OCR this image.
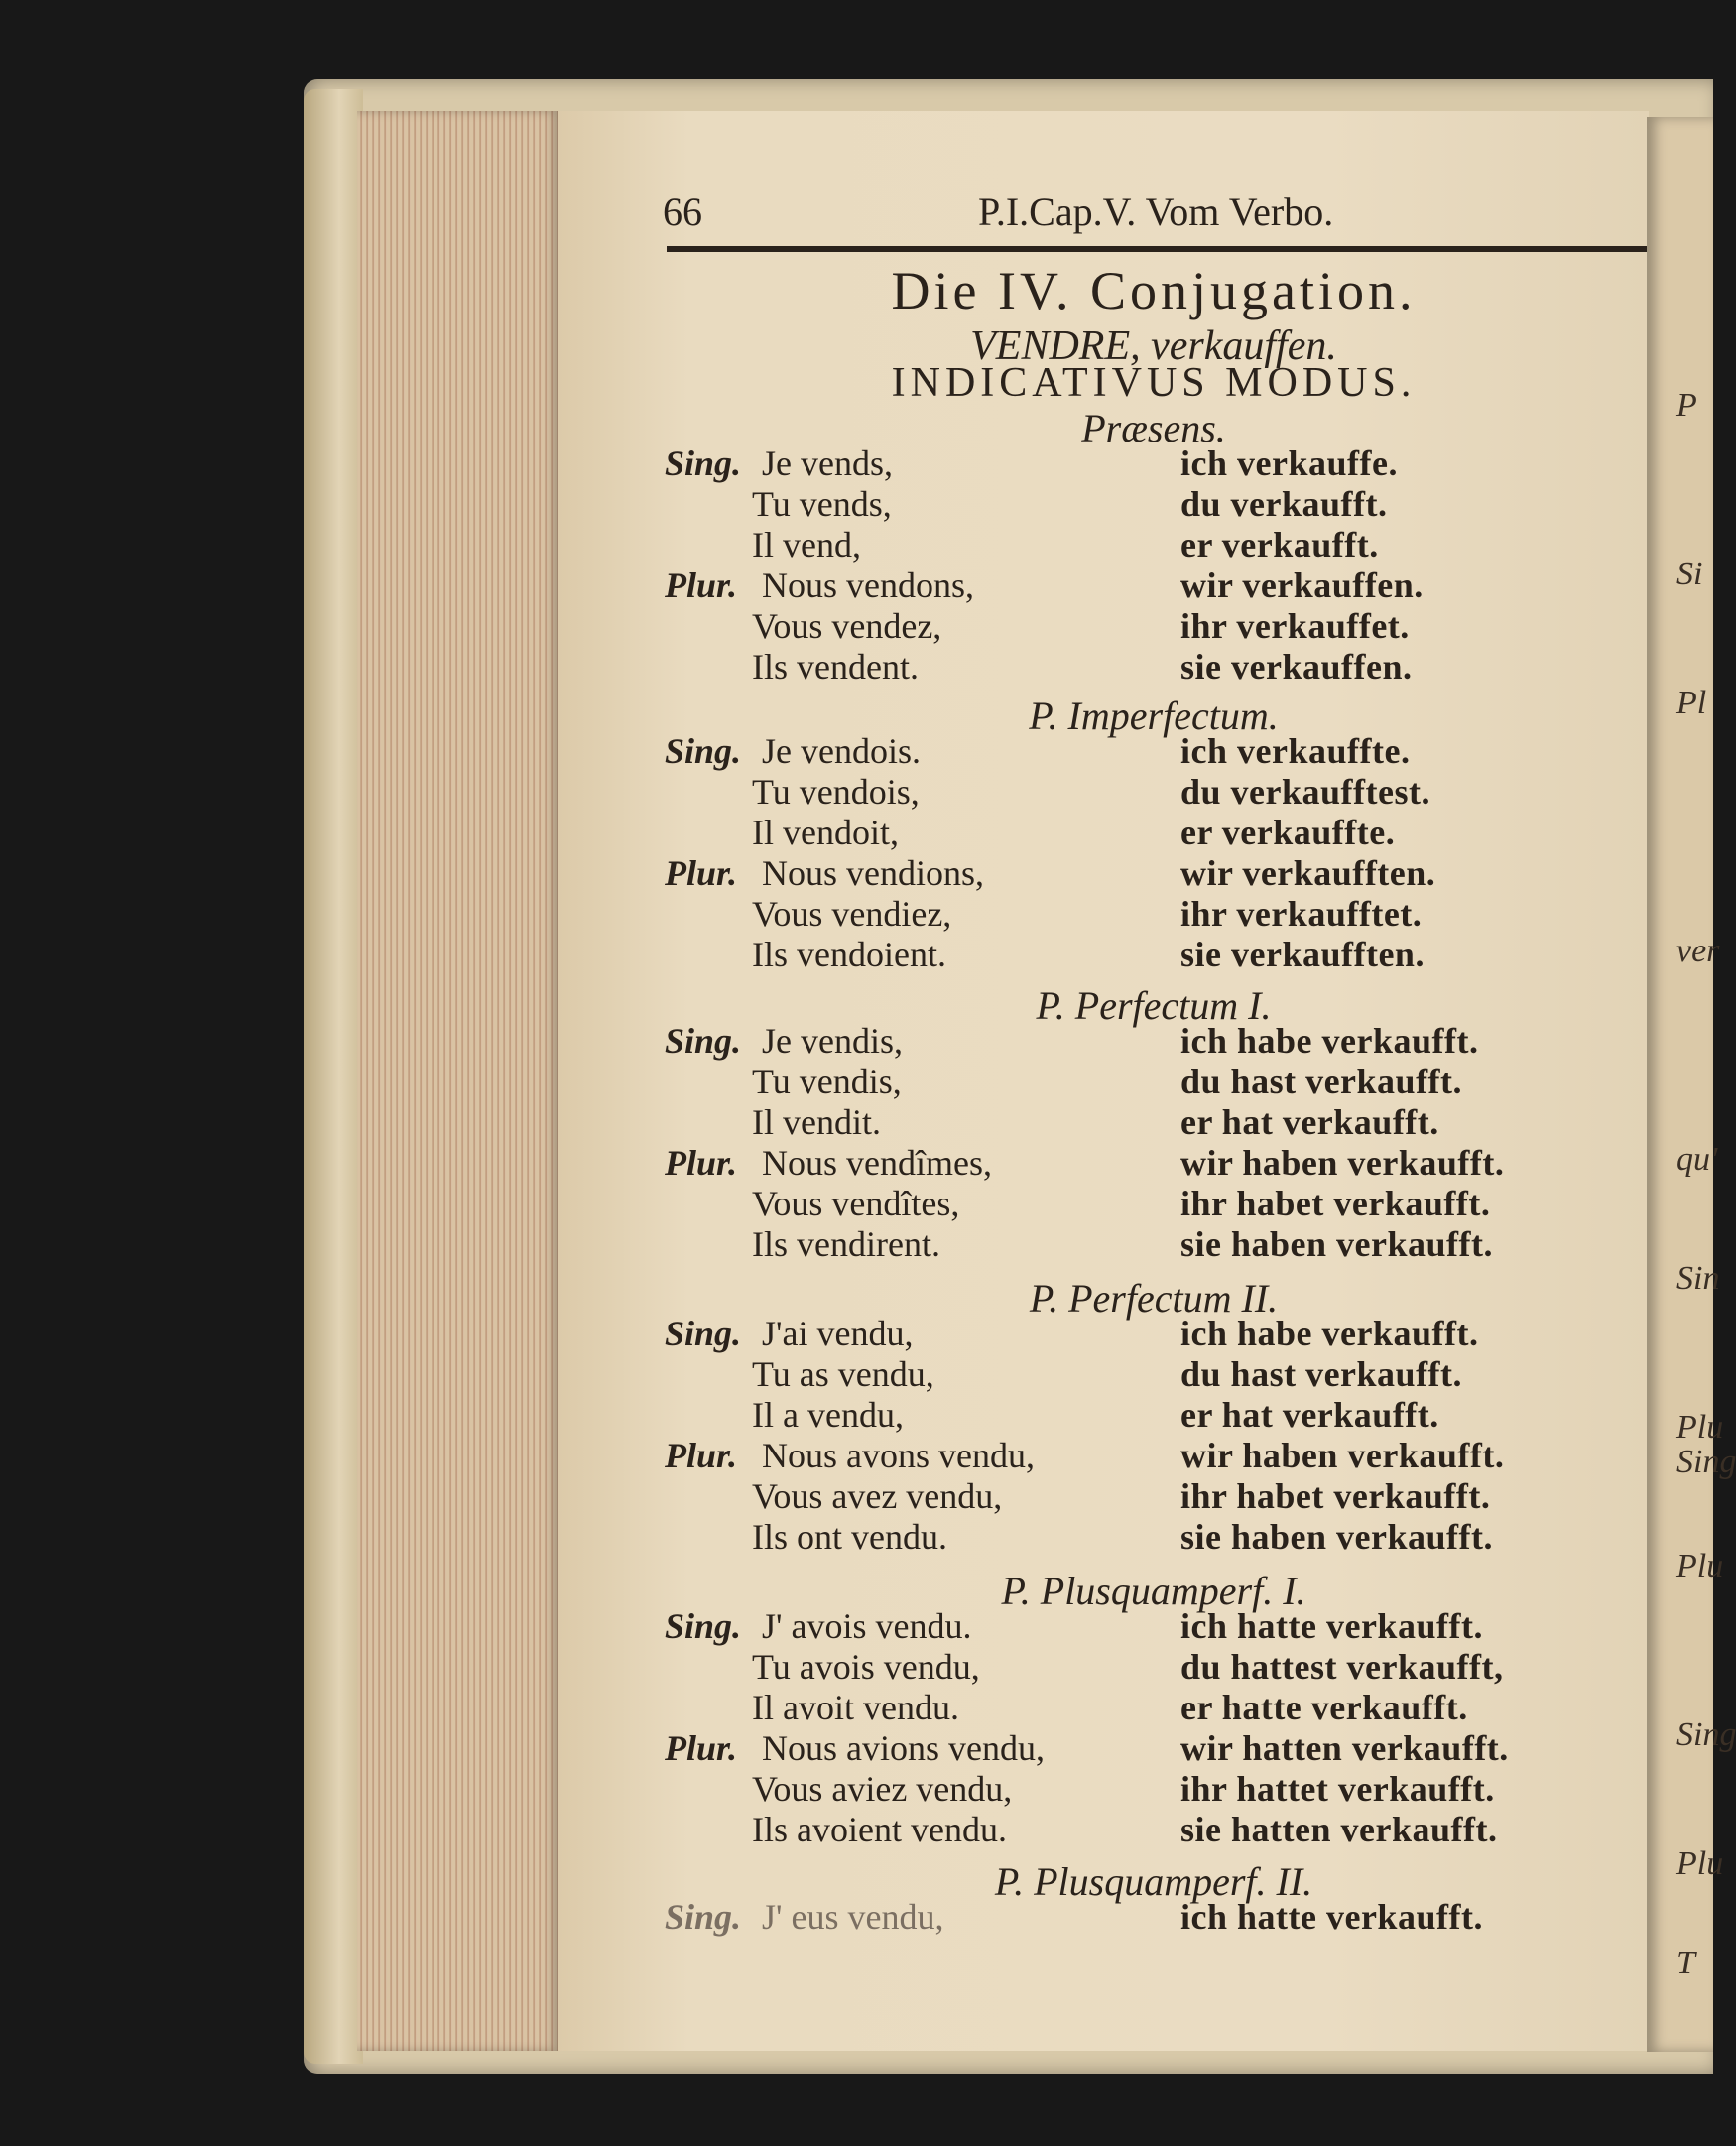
P
Si
Pl
ver
qu'
Sin
Plu
Sing
Plu
Sing
Plu
T
66	P.I.Cap.V. Vom Verbo.
Die IV. Conjugation.
VENDRE, verkauffen.
INDICATIVUS MODUS.
Præsens.
Sing. Je vends,	ich verkauffe.
Tu vends,	du verkaufft.
Il vend,	er verkaufft.
Plur. Nous vendons,	wir verkauffen.
Vous vendez,	ihr verkauffet.
Ils vendent.	sie verkauffen.
P. Imperfectum.
Sing. Je vendois.	ich verkauffte.
Tu vendois,	du verkaufftest.
Il vendoit,	er verkauffte.
Plur. Nous vendions,	wir verkaufften.
Vous vendiez,	ihr verkaufftet.
Ils vendoient.	sie verkaufften.
P. Perfectum I.
Sing. Je vendis,	ich habe verkaufft.
Tu vendis,	du hast verkaufft.
Il vendit.	er hat verkaufft.
Plur. Nous vendîmes,	wir haben verkaufft.
Vous vendîtes,	ihr habet verkaufft.
Ils vendirent.	sie haben verkaufft.
P. Perfectum II.
Sing. J'ai vendu,	ich habe verkaufft.
Tu as vendu,	du hast verkaufft.
Il a vendu,	er hat verkaufft.
Plur. Nous avons vendu,	wir haben verkaufft.
Vous avez vendu,	ihr habet verkaufft.
Ils ont vendu.	sie haben verkaufft.
P. Plusquamperf. I.
Sing. J' avois vendu.	ich hatte verkaufft.
Tu avois vendu,	du hattest verkaufft,
Il avoit vendu.	er hatte verkaufft.
Plur. Nous avions vendu,	wir hatten verkaufft.
Vous aviez vendu,	ihr hattet verkaufft.
Ils avoient vendu.	sie hatten verkaufft.
P. Plusquamperf. II.
Sing. J' eus vendu,	ich hatte verkaufft.
